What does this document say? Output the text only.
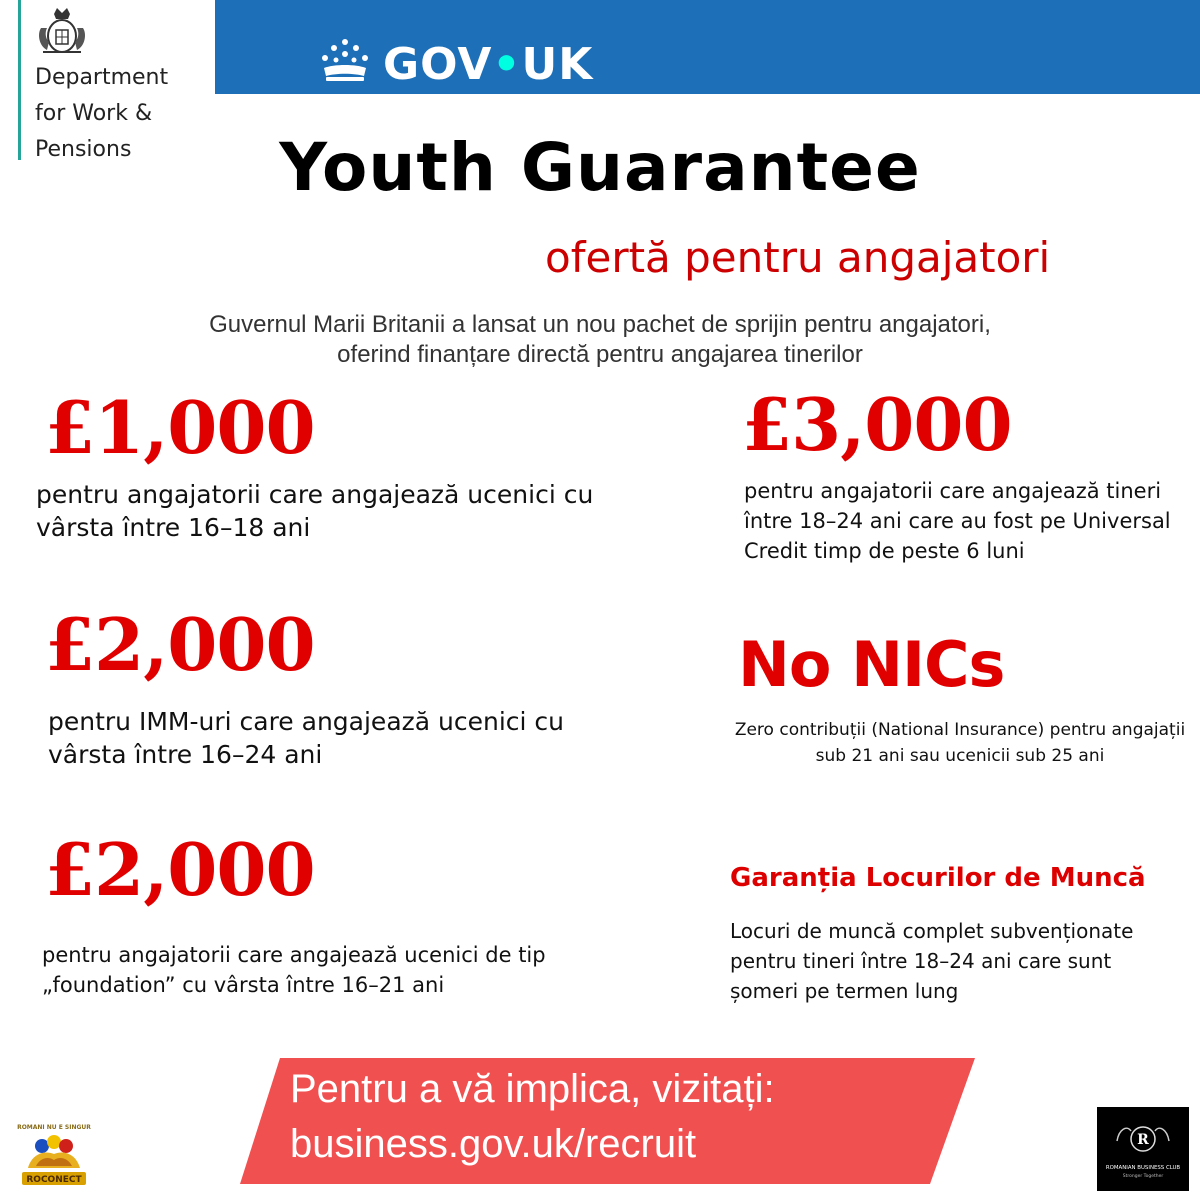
Department
for Work &
Pensions
GOV•UK
Youth Guarantee
ofertă pentru angajatori
Guvernul Marii Britanii a lansat un nou pachet de sprijin pentru angajatori, oferind finanțare directă pentru angajarea tinerilor
£1,000
pentru angajatorii care angajează ucenici cu vârsta între 16–18 ani
£2,000
pentru IMM-uri care angajează ucenici cu vârsta între 16–24 ani
£2,000
pentru angajatorii care angajează ucenici de tip „foundation” cu vârsta între 16–21 ani
£3,000
pentru angajatorii care angajează tineri între 18–24 ani care au fost pe Universal Credit timp de peste 6 luni
No NICs
Zero contribuții (National Insurance) pentru angajații sub 21 ani sau ucenicii sub 25 ani
Garanția Locurilor de Muncă
Locuri de muncă complet subvenționate pentru tineri între 18–24 ani care sunt șomeri pe termen lung
Pentru a vă implica, vizitați:
business.gov.uk/recruit
ROMANI NU E SINGUR
ROCONECT
R
ROMANIAN BUSINESS CLUB
Stronger Together
